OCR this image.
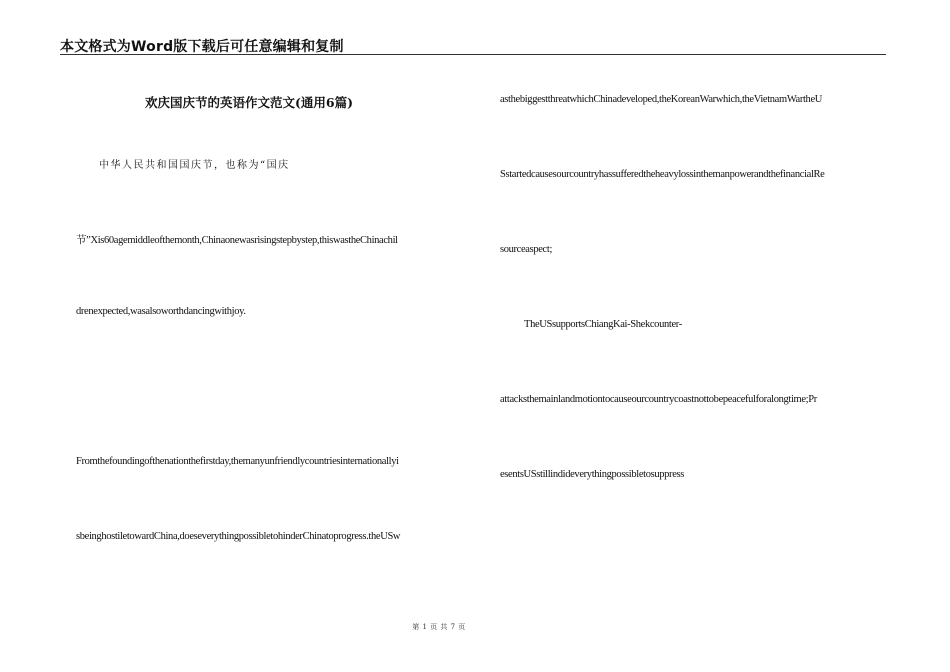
本文格式为Word版下载后可任意编辑和复制
欢庆国庆节的英语作文范文(通用6篇)
中华人民共和国国庆节，也称为“国庆
节”Xis60agemiddleofthemonth,Chinaonewasrisingstepbystep,thiswastheChinachil
drenexpected,wasalsoworthdancingwithjoy.
Fromthefoundingofthenationthefirstday,themanyunfriendlycountriesinternationallyi
sbeinghostiletowardChina,doeseverythingpossibletohinderChinatoprogress.theUSw
asthebiggestthreatwhichChinadeveloped,theKoreanWarwhich,theVietnamWartheU
SstartedcausesourcountryhassufferedtheheavylossinthemanpowerandthefinancialRe
sourceaspect;
TheUSsupportsChiangKai-Shekcounter-
attacksthemainlandmotiontocauseourcountrycoastnottobepeacefulforalongtime;Pr
esentsUSstillindideverythingpossibletosuppress
第 1 页 共 7 页
